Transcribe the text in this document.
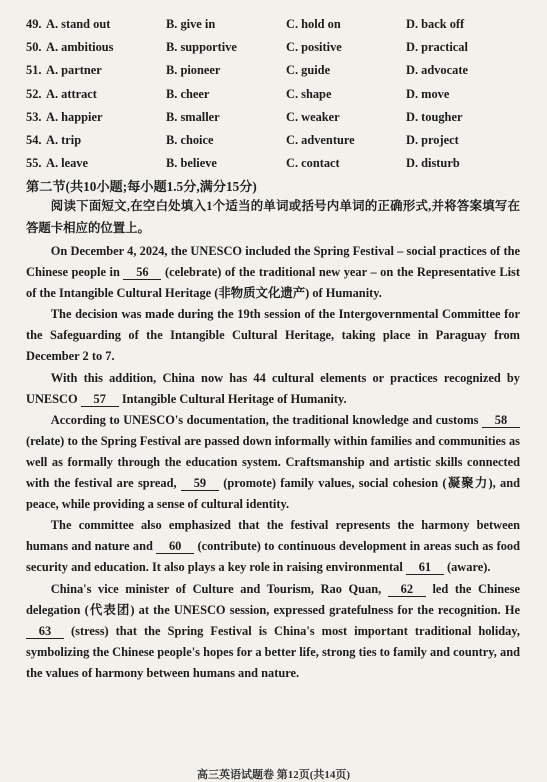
49. A. stand out	B. give in	C. hold on	D. back off
50. A. ambitious	B. supportive	C. positive	D. practical
51. A. partner	B. pioneer	C. guide	D. advocate
52. A. attract	B. cheer	C. shape	D. move
53. A. happier	B. smaller	C. weaker	D. tougher
54. A. trip	B. choice	C. adventure	D. project
55. A. leave	B. believe	C. contact	D. disturb
第二节(共10小题;每小题1.5分,满分15分)

阅读下面短文,在空白处填入1个适当的单词或括号内单词的正确形式,并将答案填写在答题卡相应的位置上。

On December 4, 2024, the UNESCO included the Spring Festival – social practices of the Chinese people in 56 (celebrate) of the traditional new year – on the Representative List of the Intangible Cultural Heritage (非物质文化遗产) of Humanity.

The decision was made during the 19th session of the Intergovernmental Committee for the Safeguarding of the Intangible Cultural Heritage, taking place in Paraguay from December 2 to 7.

With this addition, China now has 44 cultural elements or practices recognized by UNESCO 57 Intangible Cultural Heritage of Humanity.

According to UNESCO's documentation, the traditional knowledge and customs 58 (relate) to the Spring Festival are passed down informally within families and communities as well as formally through the education system. Craftsmanship and artistic skills connected with the festival are spread, 59 (promote) family values, social cohesion (凝聚力), and peace, while providing a sense of cultural identity.

The committee also emphasized that the festival represents the harmony between humans and nature and 60 (contribute) to continuous development in areas such as food security and education. It also plays a key role in raising environmental 61 (aware).

China's vice minister of Culture and Tourism, Rao Quan, 62 led the Chinese delegation (代表团) at the UNESCO session, expressed gratefulness for the recognition. He 63 (stress) that the Spring Festival is China's most important traditional holiday, symbolizing the Chinese people's hopes for a better life, strong ties to family and country, and the values of harmony between humans and nature.

高三英语试题卷 第12页(共14页)
